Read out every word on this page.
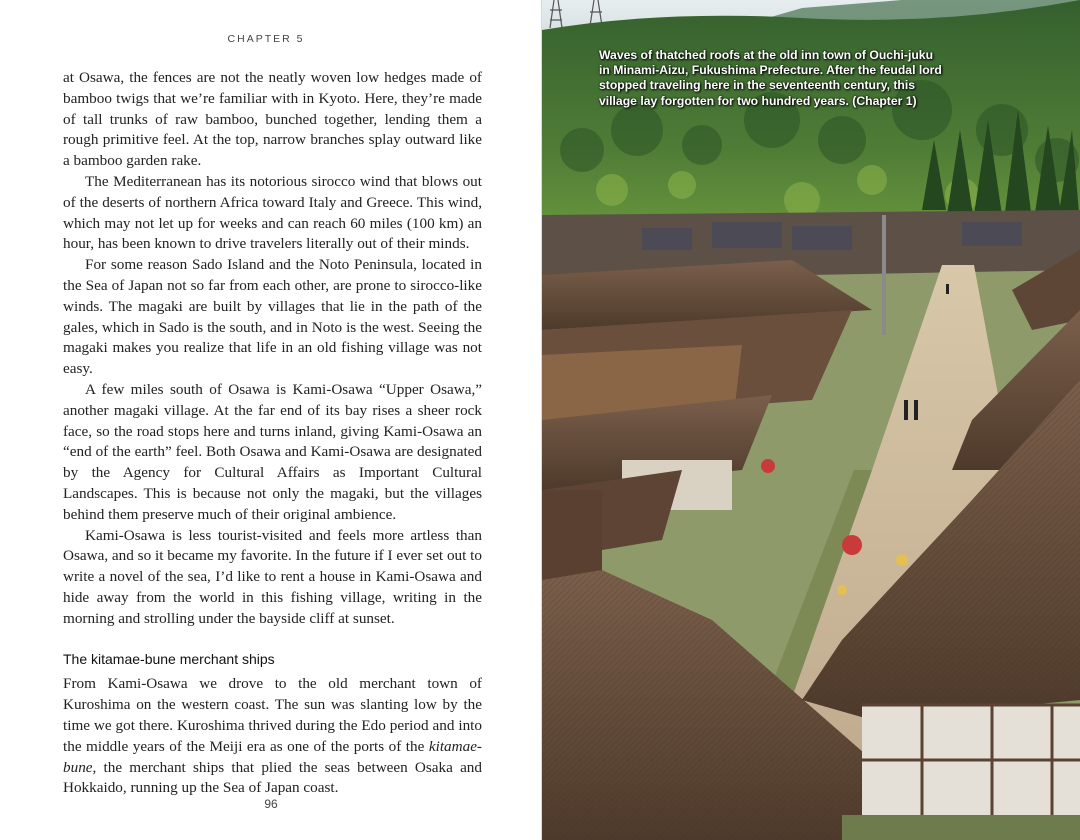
CHAPTER 5

at Osawa, the fences are not the neatly woven low hedges made of bamboo twigs that we’re familiar with in Kyoto. Here, they’re made of tall trunks of raw bamboo, bunched together, lending them a rough primitive feel. At the top, narrow branches splay outward like a bamboo garden rake.

The Mediterranean has its notorious sirocco wind that blows out of the deserts of northern Africa toward Italy and Greece. This wind, which may not let up for weeks and can reach 60 miles (100 km) an hour, has been known to drive travelers literally out of their minds.

For some reason Sado Island and the Noto Peninsula, located in the Sea of Japan not so far from each other, are prone to sirocco-like winds. The magaki are built by villages that lie in the path of the gales, which in Sado is the south, and in Noto is the west. Seeing the magaki makes you realize that life in an old fishing village was not easy.

A few miles south of Osawa is Kami-Osawa “Upper Osawa,” another magaki village. At the far end of its bay rises a sheer rock face, so the road stops here and turns inland, giving Kami-Osawa an “end of the earth” feel. Both Osawa and Kami-Osawa are designated by the Agency for Cultural Affairs as Important Cultural Landscapes. This is because not only the magaki, but the villages behind them preserve much of their original ambience.

Kami-Osawa is less tourist-visited and feels more artless than Osawa, and so it became my favorite. In the future if I ever set out to write a novel of the sea, I’d like to rent a house in Kami-Osawa and hide away from the world in this fishing village, writing in the morning and strolling under the bayside cliff at sunset.

The kitamae-bune merchant ships

From Kami-Osawa we drove to the old merchant town of Kuroshima on the western coast. The sun was slanting low by the time we got there. Kuroshima thrived during the Edo period and into the middle years of the Meiji era as one of the ports of the kitamae-bune, the merchant ships that plied the seas between Osaka and Hokkaido, running up the Sea of Japan coast.

96
Waves of thatched roofs at the old inn town of Ouchi-juku in Minami-Aizu, Fukushima Prefecture. After the feudal lord stopped traveling here in the seventeenth century, this village lay forgotten for two hundred years. (Chapter 1)
